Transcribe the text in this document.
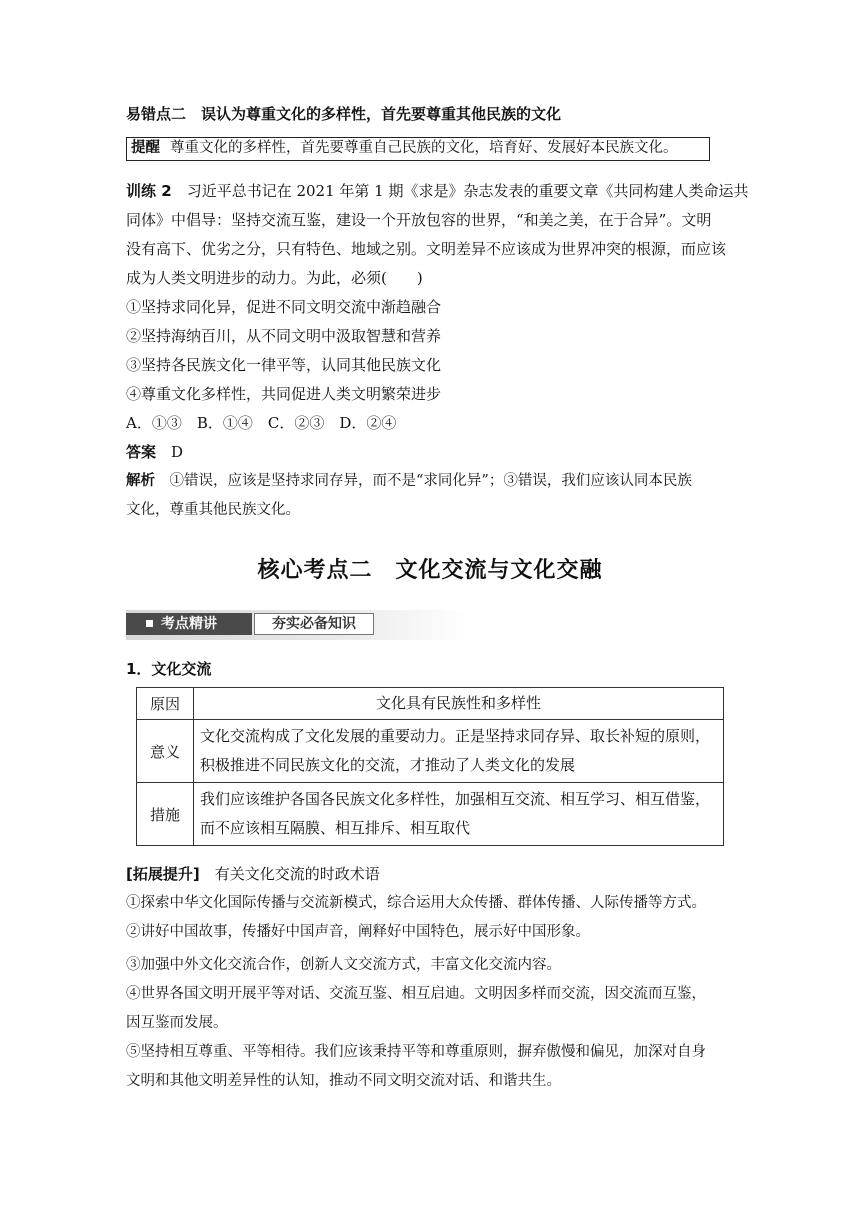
易错点二　误认为尊重文化的多样性，首先要尊重其他民族的文化
提醒 尊重文化的多样性，首先要尊重自己民族的文化，培育好、发展好本民族文化。
训练 2　 习近平总书记在 2021 年第 1 期《求是》杂志发表的重要文章《共同构建人类命运共
同体》中倡导：坚持交流互鉴，建设一个开放包容的世界，“和美之美，在于合异”。文明
没有高下、优劣之分，只有特色、地域之别。文明差异不应该成为世界冲突的根源，而应该
成为人类文明进步的动力。为此，必须(　　)
①坚持求同化异，促进不同文明交流中渐趋融合
②坚持海纳百川，从不同文明中汲取智慧和营养
③坚持各民族文化一律平等，认同其他民族文化
④尊重文化多样性，共同促进人类文明繁荣进步
A．①③　B．①④　C．②③　D．②④
答案　 D
解析　 ①错误，应该是坚持求同存异，而不是“求同化异”；③错误，我们应该认同本民族
文化，尊重其他民族文化。
核心考点二　文化交流与文化交融
考点精讲	夯实必备知识
1．文化交流
原因	文化具有民族性和多样性
意义	文化交流构成了文化发展的重要动力。正是坚持求同存异、取长补短的原则，
积极推进不同民族文化的交流，才推动了人类文化的发展

措施	我们应该维护各国各民族文化多样性，加强相互交流、相互学习、相互借鉴，
而不应该相互隔膜、相互排斥、相互取代
[拓展提升]　 有关文化交流的时政术语
①探索中华文化国际传播与交流新模式，综合运用大众传播、群体传播、人际传播等方式。
②讲好中国故事，传播好中国声音，阐释好中国特色，展示好中国形象。
③加强中外文化交流合作，创新人文交流方式，丰富文化交流内容。
④世界各国文明开展平等对话、交流互鉴、相互启迪。文明因多样而交流，因交流而互鉴，
因互鉴而发展。
⑤坚持相互尊重、平等相待。我们应该秉持平等和尊重原则，摒弃傲慢和偏见，加深对自身
文明和其他文明差异性的认知，推动不同文明交流对话、和谐共生。
